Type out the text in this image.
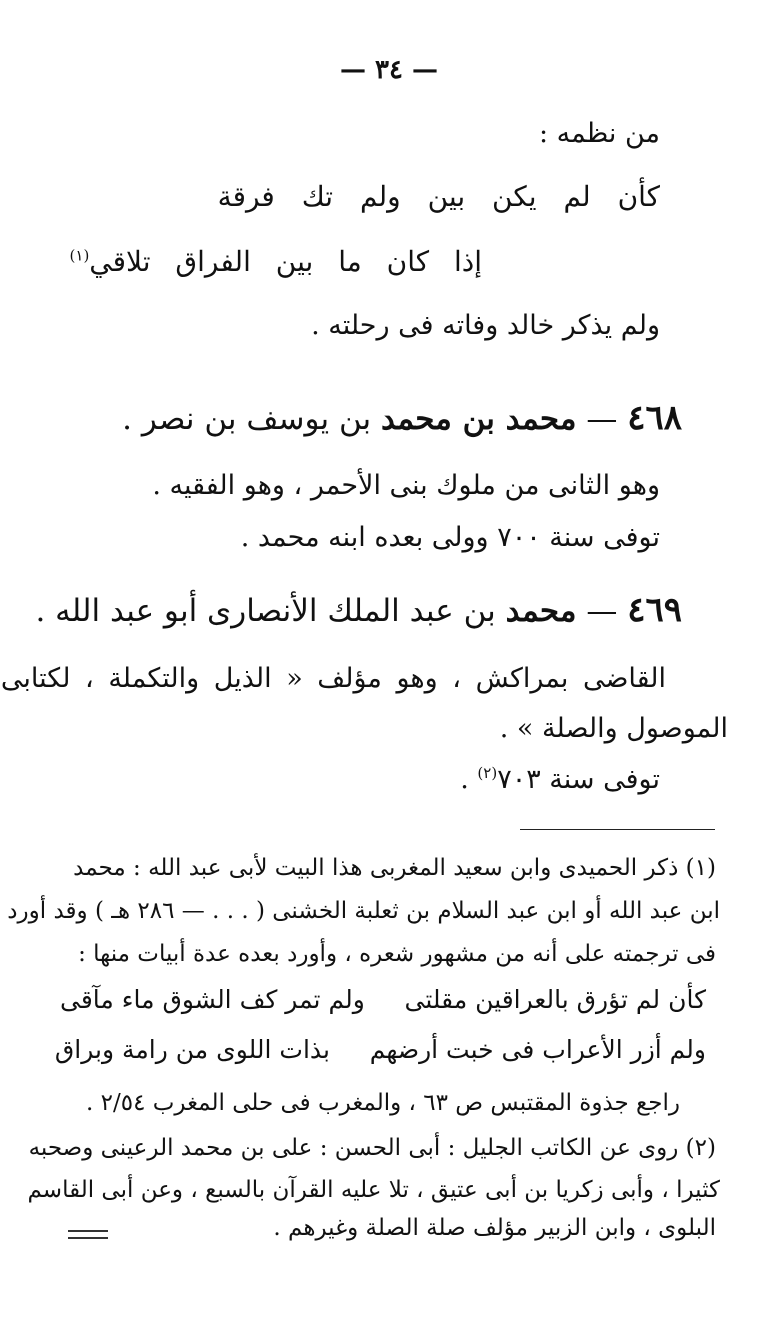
— ٣٤ —
من نظمه :
كأن لم يكن بين ولم تك فرقة
إذا كان ما بين الفراق تلاقي$^{(١)}$
ولم يذكر خالد وفاته فى رحلته .
٤٦٨ — محمد بن محمد بن يوسف بن نصر .
وهو الثانى من ملوك بنى الأحمر ، وهو الفقيه .
توفى سنة ٧٠٠ وولى بعده ابنه محمد .
٤٦٩ — محمد بن عبد الملك الأنصارى أبو عبد الله .
القاضى بمراكش ، وهو مؤلف « الذيل والتكملة ، لكتابى
الموصول والصلة » .
توفى سنة ٧٠٣$^{(٢)}$ .
(١) ذكر الحميدى وابن سعيد المغربى هذا البيت لأبى عبد الله : محمد
ابن عبد الله أو ابن عبد السلام بن ثعلبة الخشنى ( . . . — ٢٨٦ هـ ) وقد أورد
فى ترجمته على أنه من مشهور شعره ، وأورد بعده عدة أبيات منها :
كأن لم تؤرق بالعراقين مقلتى     ولم تمر كف الشوق ماء مآقى
ولم أزر الأعراب فى خبت أرضهم     بذات اللوى من رامة وبراق
راجع جذوة المقتبس ص ٦٣ ، والمغرب فى حلى المغرب ٢/٥٤ .
(٢) روى عن الكاتب الجليل : أبى الحسن : على بن محمد الرعينى وصحبه
كثيرا ، وأبى زكريا بن أبى عتيق ، تلا عليه القرآن بالسبع ، وعن أبى القاسم
البلوى ، وابن الزبير مؤلف صلة الصلة وغيرهم .
